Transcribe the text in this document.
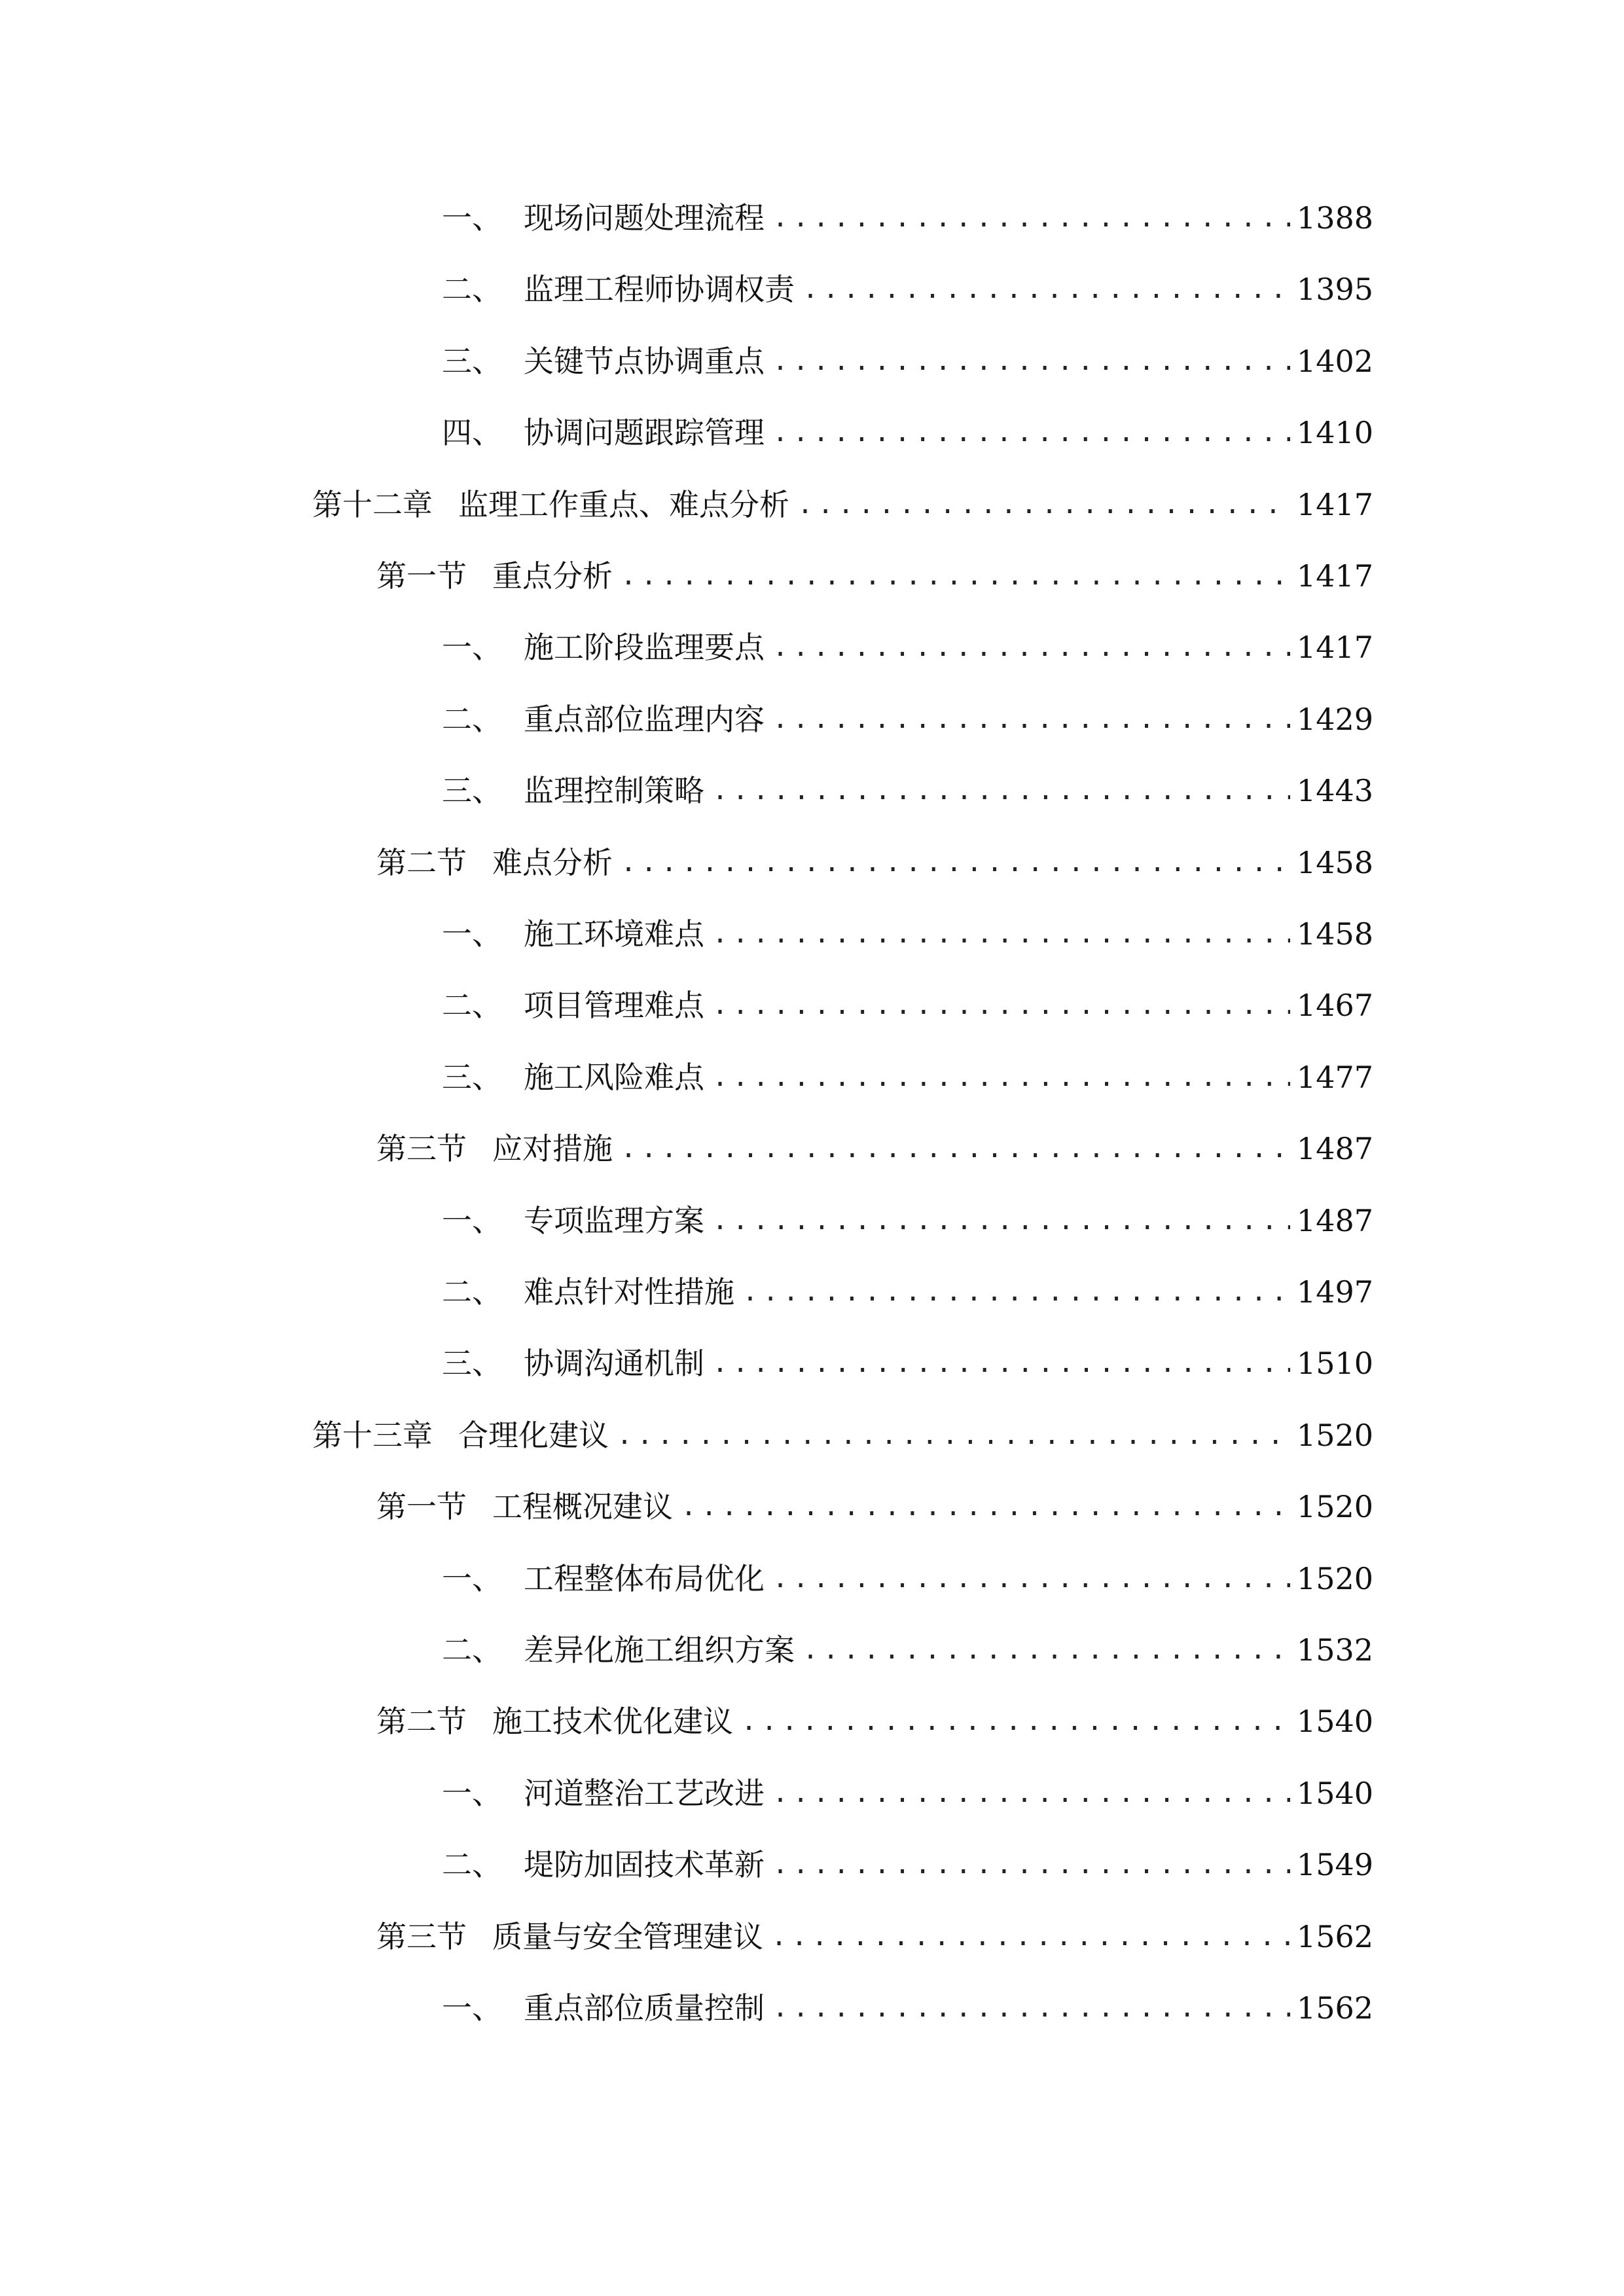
一、 现场问题处理流程 .....	1388
二、 监理工程师协调权责 .....	1395
三、 关键节点协调重点 .....	1402
四、 协调问题跟踪管理 .....	1410
第十二章 监理工作重点、难点分析 .....	1417
第一节 重点分析 .....	1417
一、 施工阶段监理要点 .....	1417
二、 重点部位监理内容 .....	1429
三、 监理控制策略 .....	1443
第二节 难点分析 .....	1458
一、 施工环境难点 .....	1458
二、 项目管理难点 .....	1467
三、 施工风险难点 .....	1477
第三节 应对措施 .....	1487
一、 专项监理方案 .....	1487
二、 难点针对性措施 .....	1497
三、 协调沟通机制 .....	1510
第十三章 合理化建议 .....	1520
第一节 工程概况建议 .....	1520
一、 工程整体布局优化 .....	1520
二、 差异化施工组织方案 .....	1532
第二节 施工技术优化建议 .....	1540
一、 河道整治工艺改进 .....	1540
二、 堤防加固技术革新 .....	1549
第三节 质量与安全管理建议 .....	1562
一、 重点部位质量控制 .....	1562
